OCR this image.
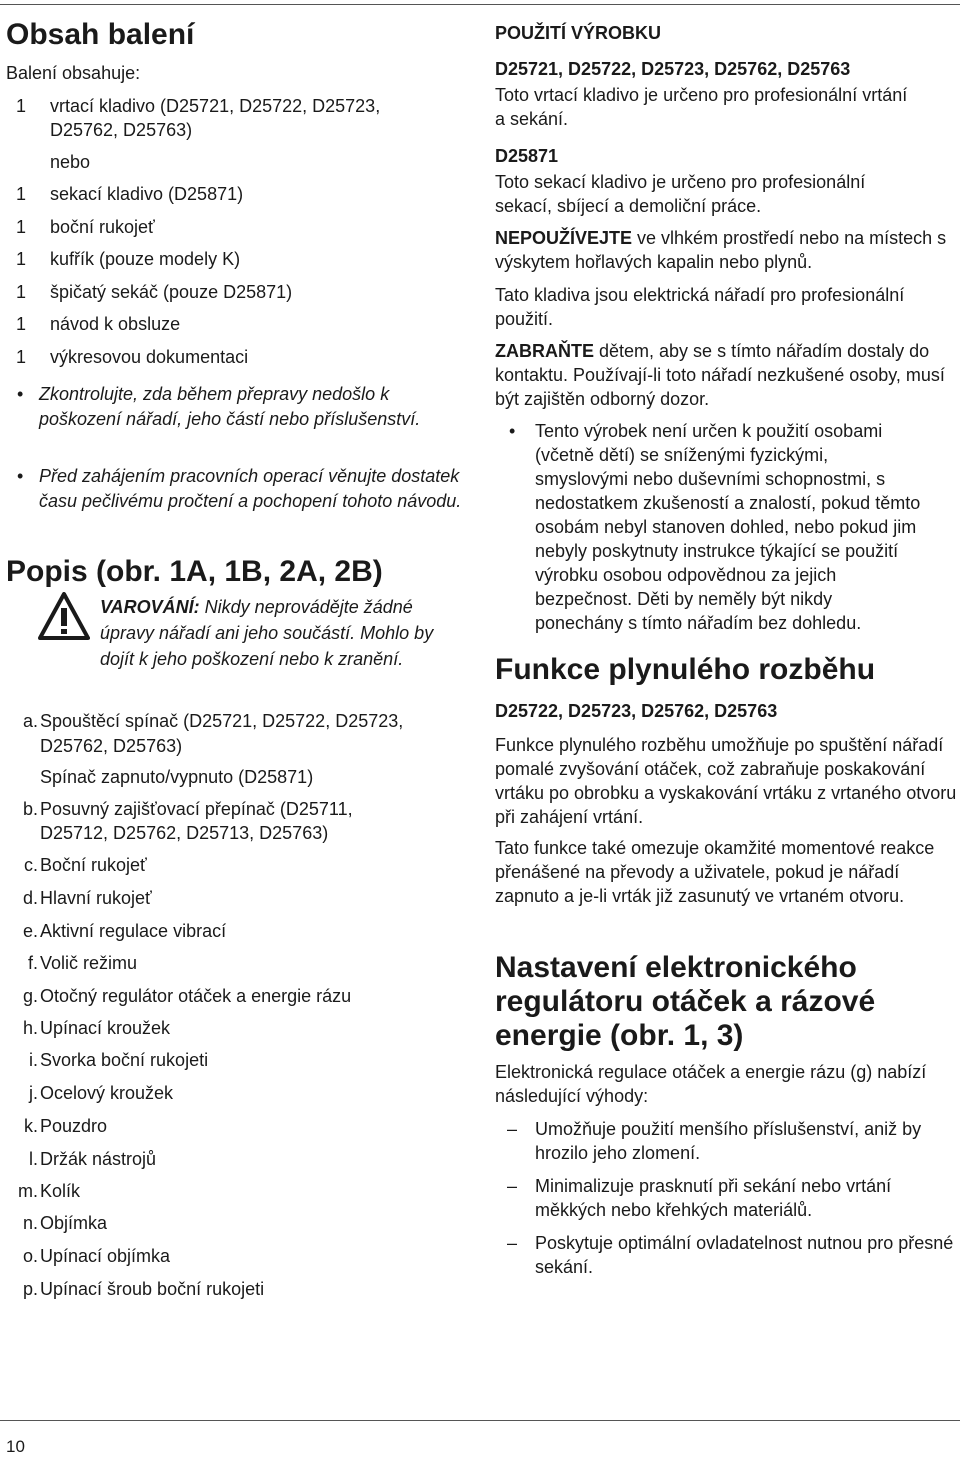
Obsah balení
Balení obsahuje:
1	vrtací kladivo (D25721, D25722, D25723,
D25762, D25763)
nebo
1	sekací kladivo (D25871)
1	boční rukojeť
1	kufřík (pouze modely K)
1	špičatý sekáč (pouze D25871)
1	návod k obsluze
1	výkresovou dokumentaci
• Zkontrolujte, zda během přepravy nedošlo k poškození nářadí, jeho částí nebo příslušenství.
• Před zahájením pracovních operací věnujte dostatek času pečlivému pročtení a pochopení tohoto návodu.
Popis (obr. 1A, 1B, 2A, 2B)
VAROVÁNÍ: Nikdy neprovádějte žádné úpravy nářadí ani jeho součástí. Mohlo by dojít k jeho poškození nebo k zranění.
a. Spouštěcí spínač (D25721, D25722, D25723,
D25762, D25763)
Spínač zapnuto/vypnuto (D25871)
b. Posuvný zajišťovací přepínač (D25711,
D25712, D25762, D25713, D25763)
c. Boční rukojeť
d. Hlavní rukojeť
e. Aktivní regulace vibrací
f. Volič režimu
g. Otočný regulátor otáček a energie rázu
h. Upínací kroužek
i. Svorka boční rukojeti
j. Ocelový kroužek
k. Pouzdro
l. Držák nástrojů
m. Kolík
n. Objímka
o. Upínací objímka
p. Upínací šroub boční rukojeti
POUŽITÍ VÝROBKU
D25721, D25722, D25723, D25762, D25763
Toto vrtací kladivo je určeno pro profesionální vrtání a sekání.
D25871
Toto sekací kladivo je určeno pro profesionální sekací, sbíjecí a demoliční práce.
NEPOUŽÍVEJTE ve vlhkém prostředí nebo na místech s výskytem hořlavých kapalin nebo plynů.
Tato kladiva jsou elektrická nářadí pro profesionální použití.
ZABRAŇTE dětem, aby se s tímto nářadím dostaly do kontaktu. Používají-li toto nářadí nezkušené osoby, musí být zajištěn odborný dozor.
• Tento výrobek není určen k použití osobami (včetně dětí) se sníženými fyzickými, smyslovými nebo duševními schopnostmi, s nedostatkem zkušeností a znalostí, pokud těmto osobám nebyl stanoven dohled, nebo pokud jim nebyly poskytnuty instrukce týkající se použití výrobku osobou odpovědnou za jejich bezpečnost. Děti by neměly být nikdy ponechány s tímto nářadím bez dohledu.
Funkce plynulého rozběhu
D25722, D25723, D25762, D25763
Funkce plynulého rozběhu umožňuje po spuštění nářadí pomalé zvyšování otáček, což zabraňuje poskakování vrtáku po obrobku a vyskakování vrtáku z vrtaného otvoru při zahájení vrtání.
Tato funkce také omezuje okamžité momentové reakce přenášené na převody a uživatele, pokud je nářadí zapnuto a je-li vrták již zasunutý ve vrtaném otvoru.
Nastavení elektronického regulátoru otáček a rázové energie (obr. 1, 3)
Elektronická regulace otáček a energie rázu (g) nabízí následující výhody:
– Umožňuje použití menšího příslušenství, aniž by hrozilo jeho zlomení.
– Minimalizuje prasknutí při sekání nebo vrtání měkkých nebo křehkých materiálů.
– Poskytuje optimální ovladatelnost nutnou pro přesné sekání.
10
